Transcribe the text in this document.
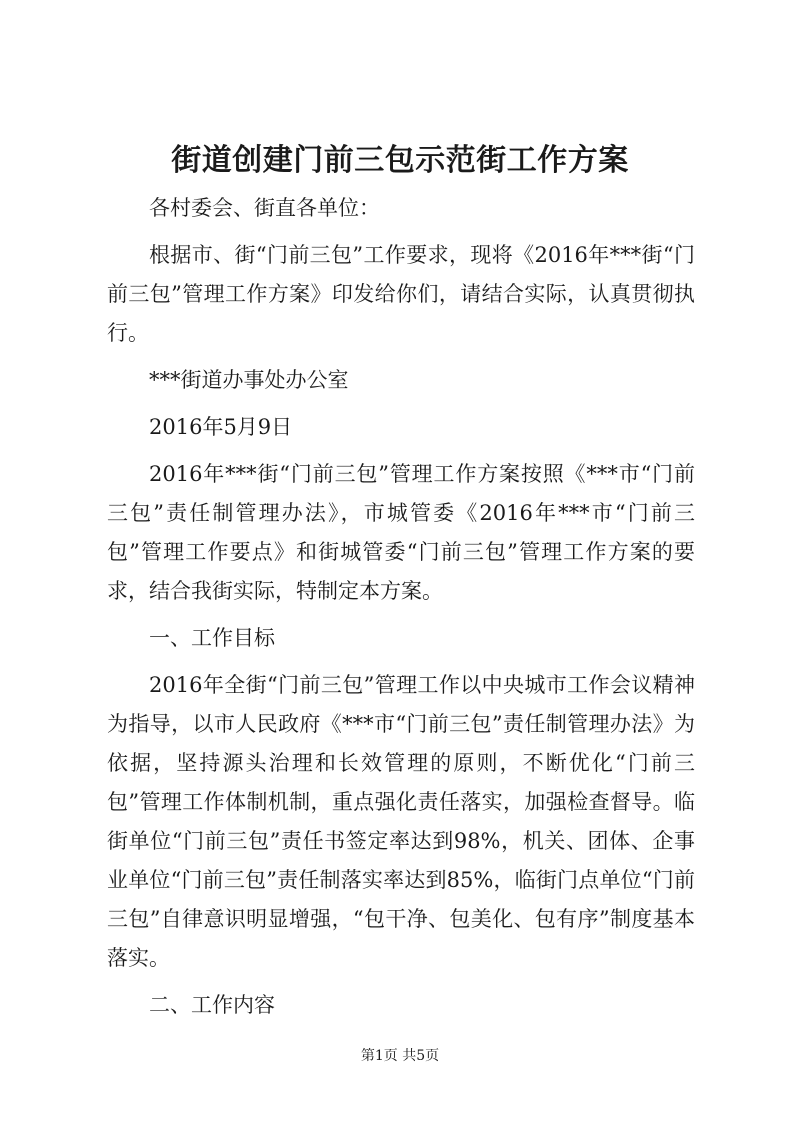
街道创建门前三包示范街工作方案

各村委会、街直各单位：

根据市、街“门前三包”工作要求，现将《2016年***街“门前三包”管理工作方案》印发给你们，请结合实际，认真贯彻执行。

***街道办事处办公室

2016年5月9日

2016年***街“门前三包”管理工作方案按照《***市“门前三包”责任制管理办法》，市城管委《2016年***市“门前三包”管理工作要点》和街城管委“门前三包”管理工作方案的要求，结合我街实际，特制定本方案。

一、工作目标

2016年全街“门前三包”管理工作以中央城市工作会议精神为指导，以市人民政府《***市“门前三包”责任制管理办法》为依据，坚持源头治理和长效管理的原则，不断优化“门前三包”管理工作体制机制，重点强化责任落实，加强检查督导。临街单位“门前三包”责任书签定率达到98%，机关、团体、企事业单位“门前三包”责任制落实率达到85%，临街门点单位“门前三包”自律意识明显增强，“包干净、包美化、包有序”制度基本落实。

二、工作内容

第1页 共5页
